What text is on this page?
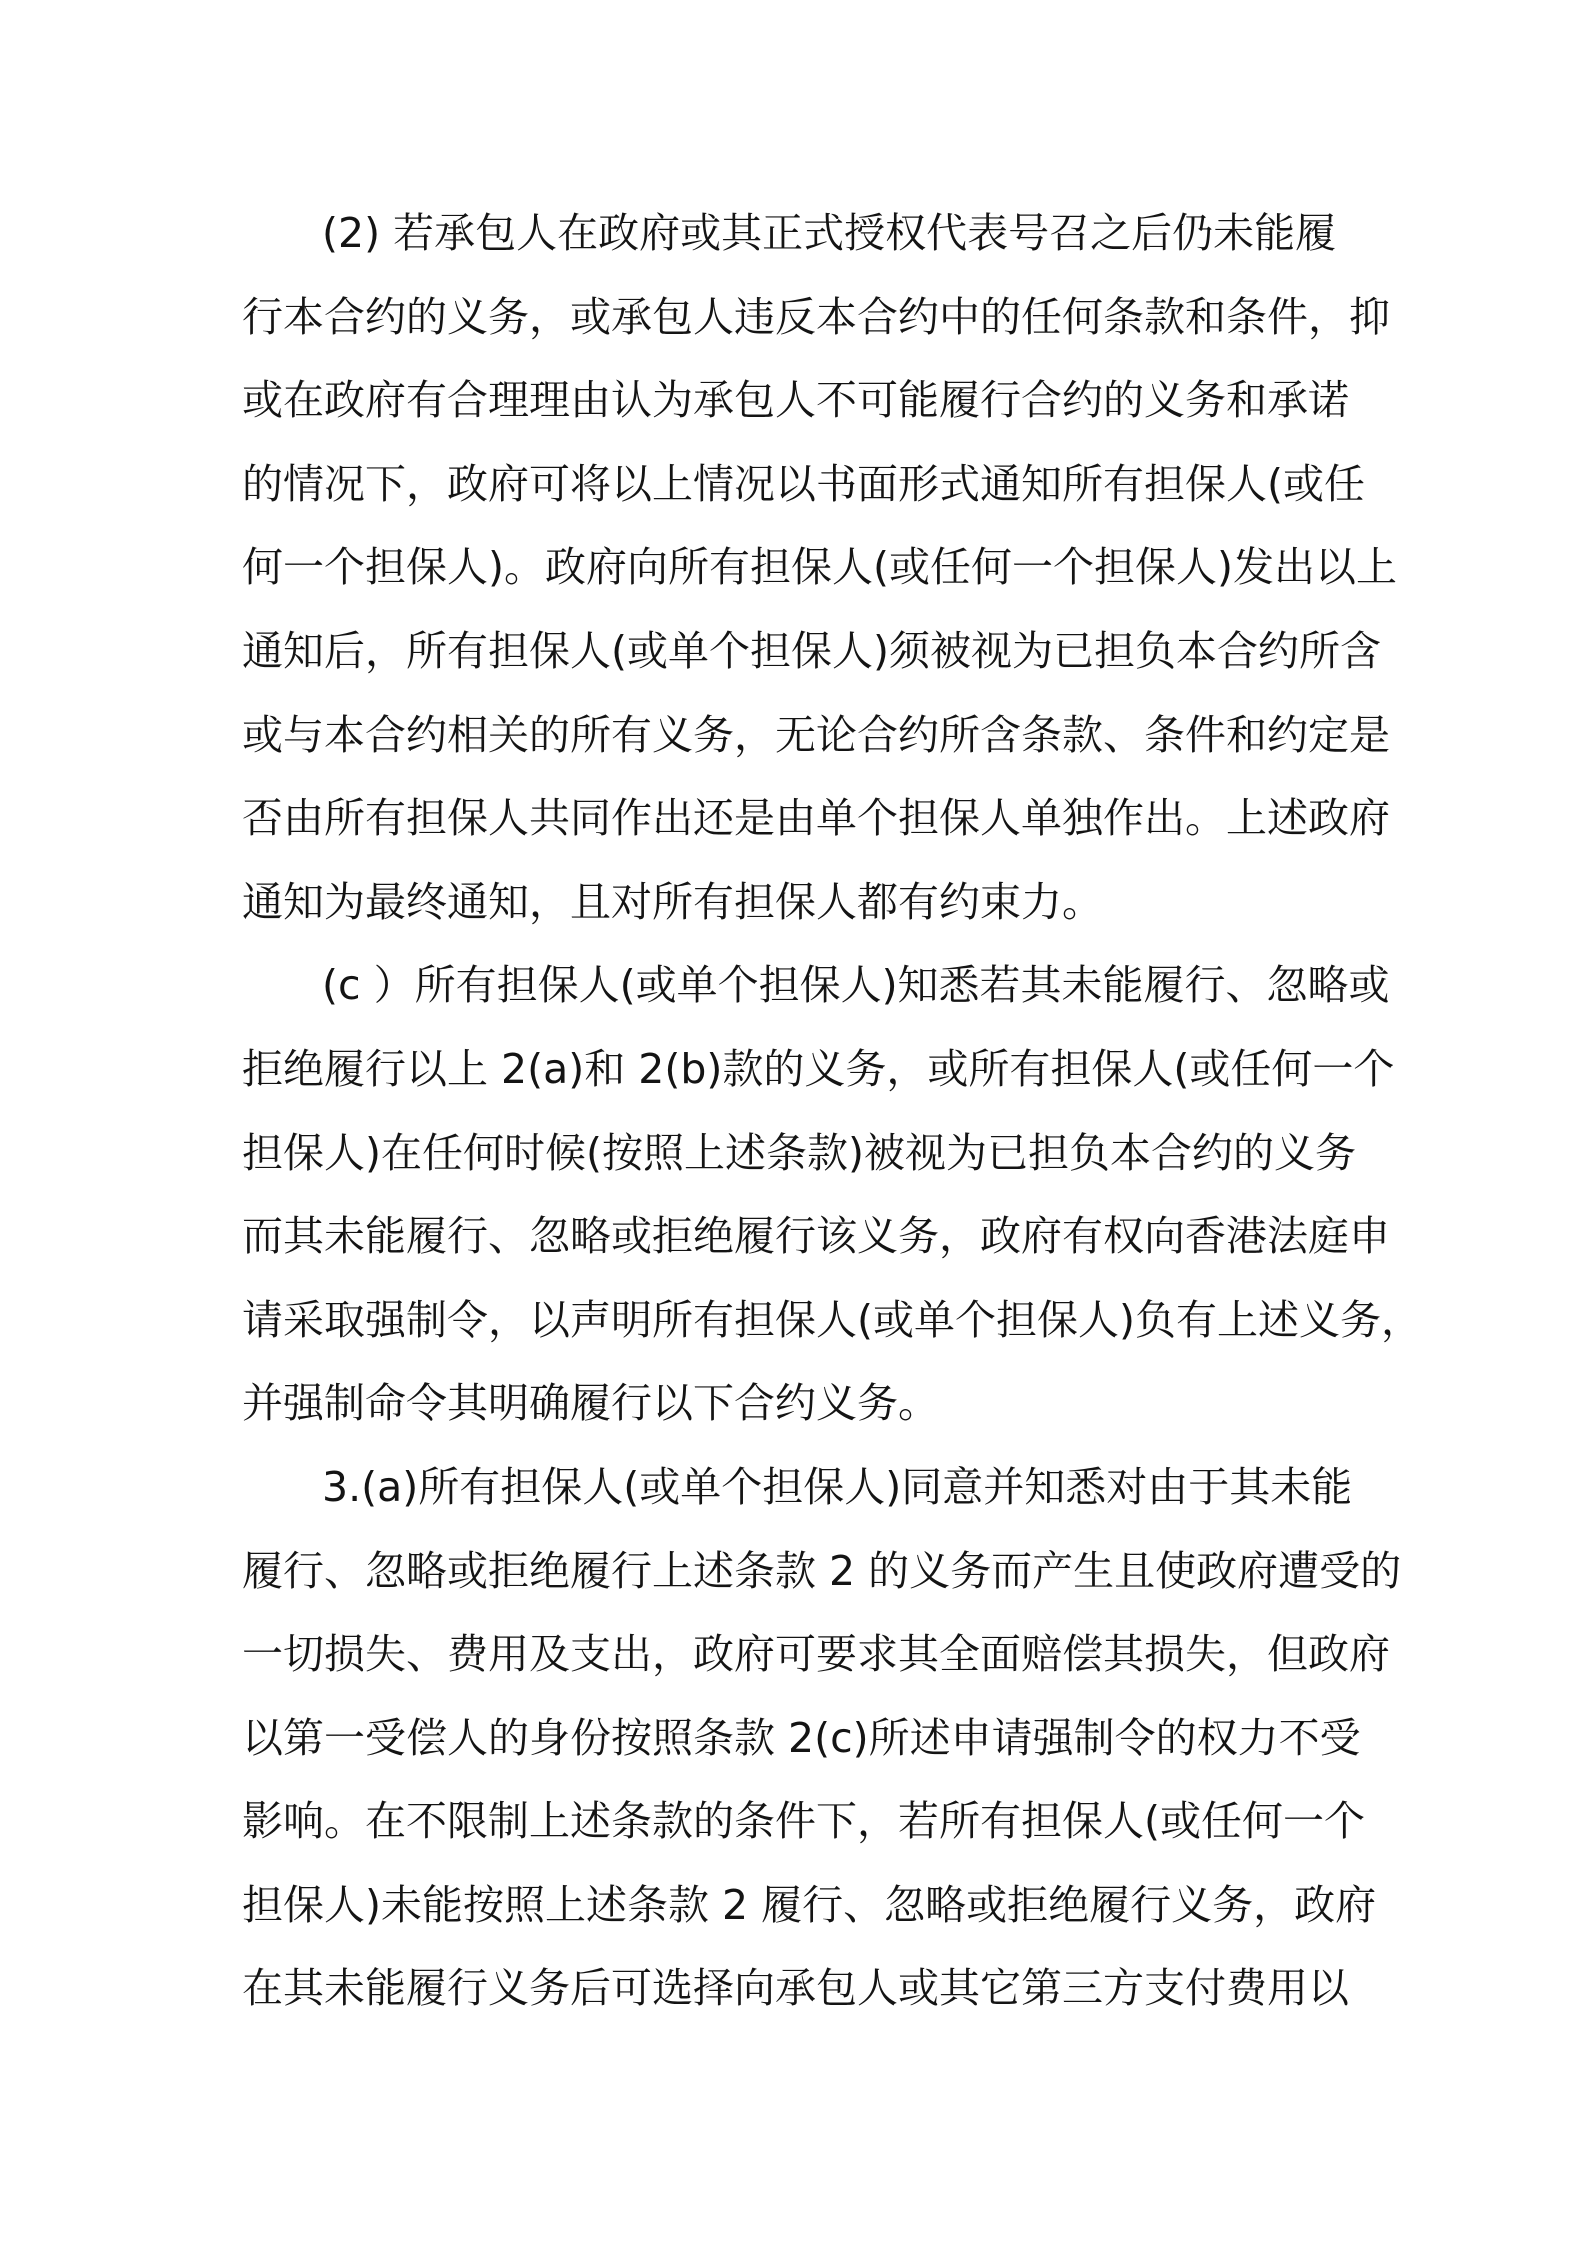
(2) 若承包人在政府或其正式授权代表号召之后仍未能履
行本合约的义务，或承包人违反本合约中的任何条款和条件，抑
或在政府有合理理由认为承包人不可能履行合约的义务和承诺
的情况下，政府可将以上情况以书面形式通知所有担保人(或任
何一个担保人)。政府向所有担保人(或任何一个担保人)发出以上
通知后，所有担保人(或单个担保人)须被视为已担负本合约所含
或与本合约相关的所有义务，无论合约所含条款、条件和约定是
否由所有担保人共同作出还是由单个担保人单独作出。上述政府
通知为最终通知，且对所有担保人都有约束力。
(c ）所有担保人(或单个担保人)知悉若其未能履行、忽略或
拒绝履行以上 2(a)和 2(b)款的义务，或所有担保人(或任何一个
担保人)在任何时候(按照上述条款)被视为已担负本合约的义务
而其未能履行、忽略或拒绝履行该义务，政府有权向香港法庭申
请采取强制令，以声明所有担保人(或单个担保人)负有上述义务，
并强制命令其明确履行以下合约义务。
3.(a)所有担保人(或单个担保人)同意并知悉对由于其未能
履行、忽略或拒绝履行上述条款 2 的义务而产生且使政府遭受的
一切损失、费用及支出，政府可要求其全面赔偿其损失，但政府
以第一受偿人的身份按照条款 2(c)所述申请强制令的权力不受
影响。在不限制上述条款的条件下，若所有担保人(或任何一个
担保人)未能按照上述条款 2 履行、忽略或拒绝履行义务，政府
在其未能履行义务后可选择向承包人或其它第三方支付费用以
